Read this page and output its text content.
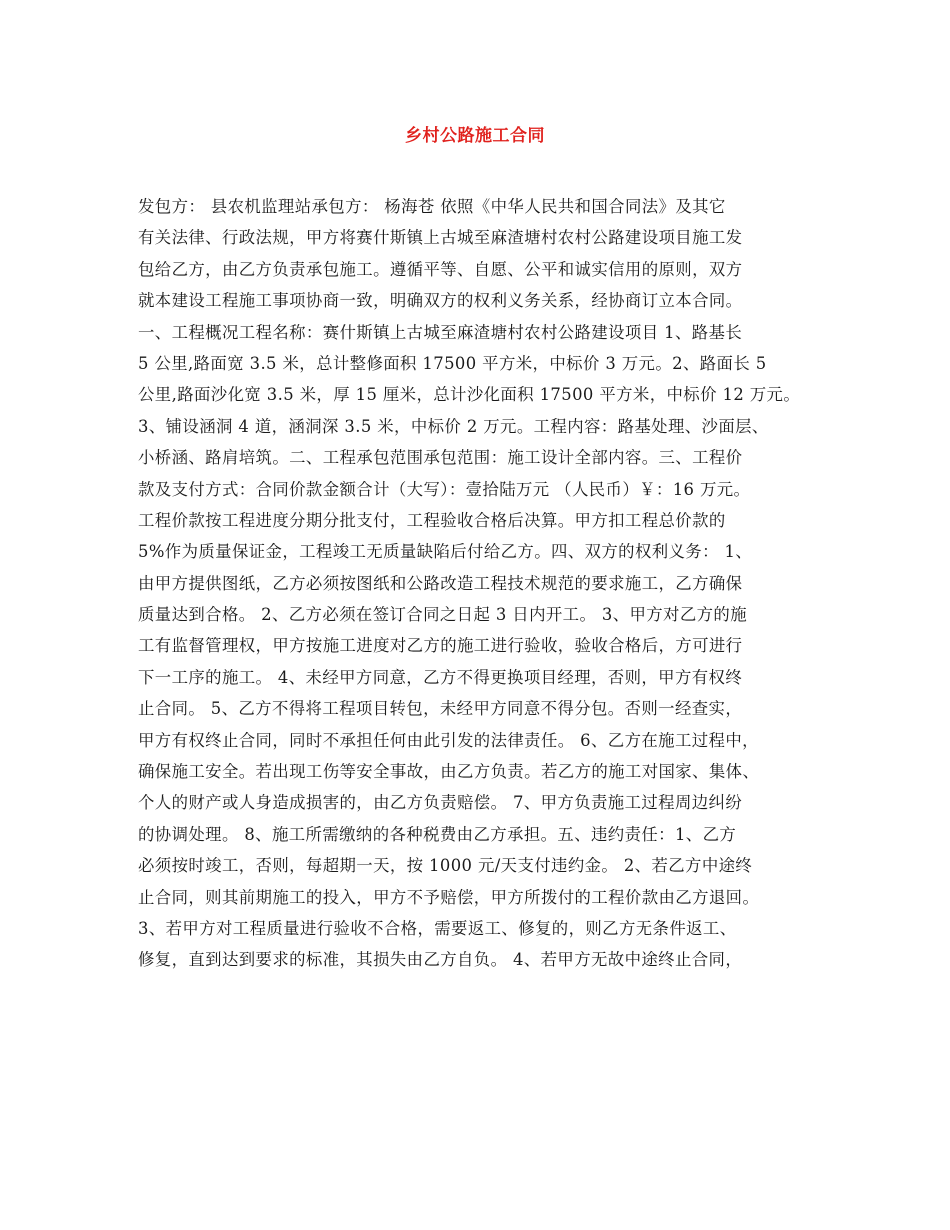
乡村公路施工合同
发包方： 县农机监理站承包方： 杨海苍 依照《中华人民共和国合同法》及其它
有关法律、行政法规，甲方将赛什斯镇上古城至麻渣塘村农村公路建设项目施工发
包给乙方，由乙方负责承包施工。遵循平等、自愿、公平和诚实信用的原则，双方
就本建设工程施工事项协商一致，明确双方的权利义务关系，经协商订立本合同。
一、工程概况工程名称：赛什斯镇上古城至麻渣塘村农村公路建设项目 1、路基长
5 公里,路面宽 3.5 米，总计整修面积 17500 平方米，中标价 3 万元。2、路面长 5
公里,路面沙化宽 3.5 米，厚 15 厘米，总计沙化面积 17500 平方米，中标价 12 万元。
3、铺设涵洞 4 道，涵洞深 3.5 米，中标价 2 万元。工程内容：路基处理、沙面层、
小桥涵、路肩培筑。二、工程承包范围承包范围：施工设计全部内容。三、工程价
款及支付方式：合同价款金额合计（大写）：壹拾陆万元 （人民币）￥：16 万元。
工程价款按工程进度分期分批支付，工程验收合格后决算。甲方扣工程总价款的
5%作为质量保证金，工程竣工无质量缺陷后付给乙方。四、双方的权利义务： 1、
由甲方提供图纸，乙方必须按图纸和公路改造工程技术规范的要求施工，乙方确保
质量达到合格。 2、乙方必须在签订合同之日起 3 日内开工。 3、甲方对乙方的施
工有监督管理权，甲方按施工进度对乙方的施工进行验收，验收合格后，方可进行
下一工序的施工。 4、未经甲方同意，乙方不得更换项目经理，否则，甲方有权终
止合同。 5、乙方不得将工程项目转包，未经甲方同意不得分包。否则一经查实，
甲方有权终止合同，同时不承担任何由此引发的法律责任。 6、乙方在施工过程中，
确保施工安全。若出现工伤等安全事故，由乙方负责。若乙方的施工对国家、集体、
个人的财产或人身造成损害的，由乙方负责赔偿。 7、甲方负责施工过程周边纠纷
的协调处理。 8、施工所需缴纳的各种税费由乙方承担。五、违约责任：1、乙方
必须按时竣工，否则，每超期一天，按 1000 元/天支付违约金。 2、若乙方中途终
止合同，则其前期施工的投入，甲方不予赔偿，甲方所拨付的工程价款由乙方退回。
3、若甲方对工程质量进行验收不合格，需要返工、修复的，则乙方无条件返工、
修复，直到达到要求的标准，其损失由乙方自负。 4、若甲方无故中途终止合同，
